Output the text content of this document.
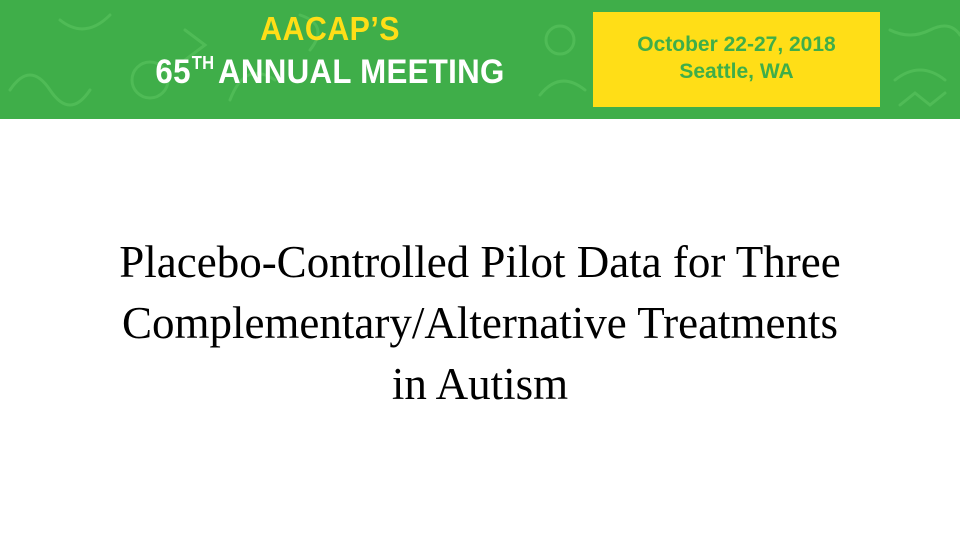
AACAP’S
65TH ANNUAL MEETING
October 22-27, 2018
Seattle, WA
Placebo-Controlled Pilot Data for Three
Complementary/Alternative Treatments
in Autism
